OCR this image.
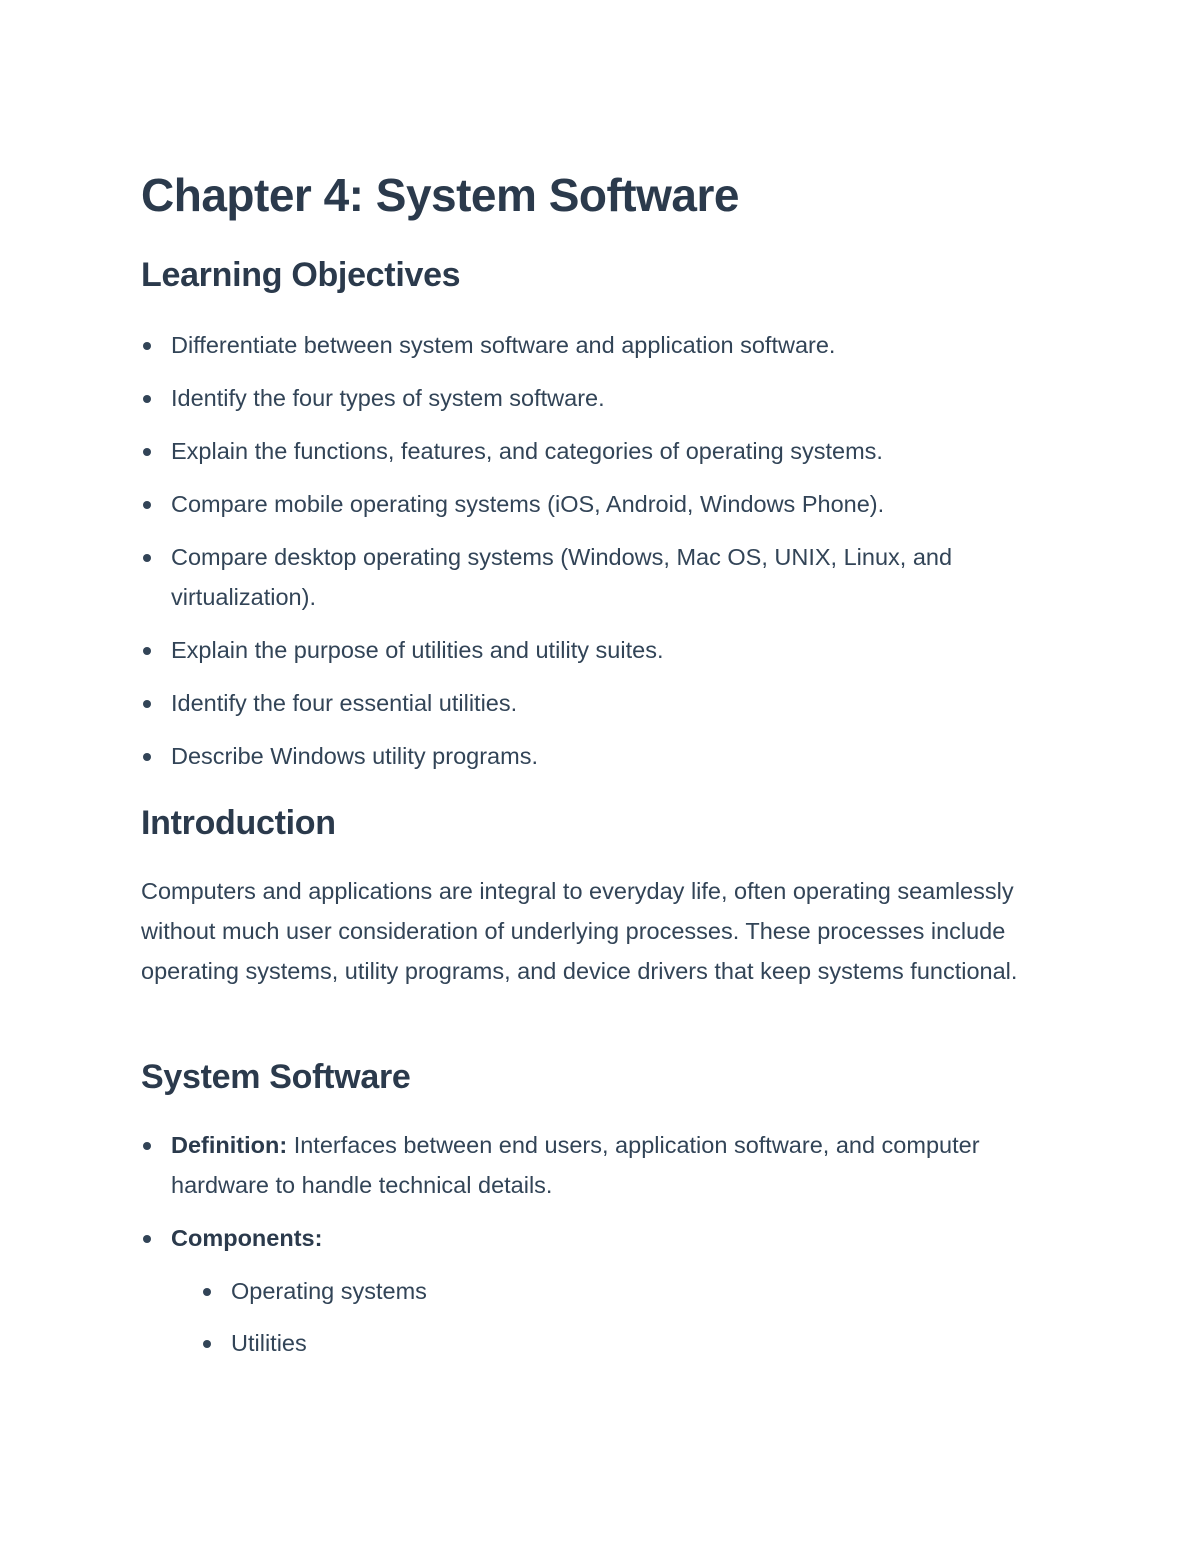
Chapter 4: System Software
Learning Objectives
Differentiate between system software and application software.
Identify the four types of system software.
Explain the functions, features, and categories of operating systems.
Compare mobile operating systems (iOS, Android, Windows Phone).
Compare desktop operating systems (Windows, Mac OS, UNIX, Linux, and virtualization).
Explain the purpose of utilities and utility suites.
Identify the four essential utilities.
Describe Windows utility programs.
Introduction

Computers and applications are integral to everyday life, often operating seamlessly without much user consideration of underlying processes. These processes include operating systems, utility programs, and device drivers that keep systems functional.

System Software
Definition: Interfaces between end users, application software, and computer hardware to handle technical details.
Components:
Operating systems
Utilities
